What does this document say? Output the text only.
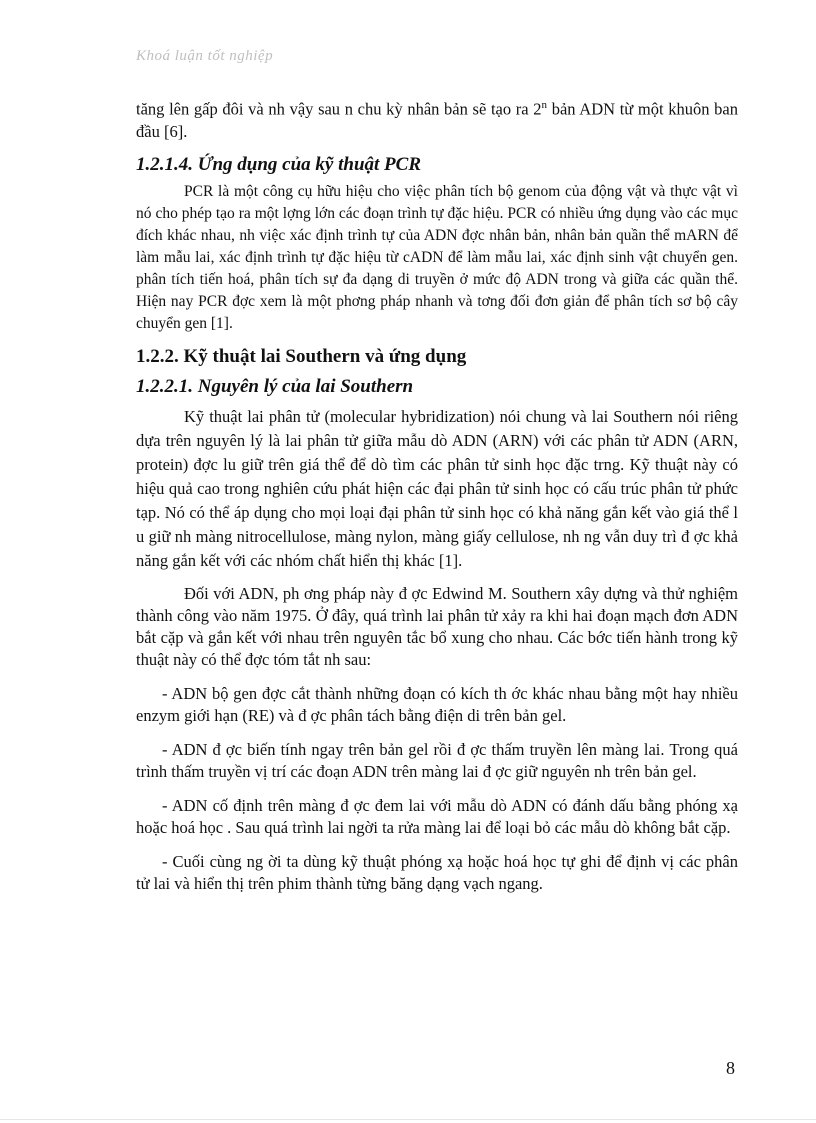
Khoá luận tốt nghiệp

tăng lên gấp đôi và nh vậy sau n chu kỳ nhân bản sẽ tạo ra 2$^n$ bản ADN từ một khuôn ban đầu [6].

1.2.1.4. Ứng dụng của kỹ thuật PCR

PCR là một công cụ hữu hiệu cho việc phân tích bộ genom của động vật và thực vật vì nó cho phép tạo ra một lợng lớn các đoạn trình tự đặc hiệu. PCR có nhiều ứng dụng vào các mục đích khác nhau, nh việc xác định trình tự của ADN đợc nhân bản, nhân bản quần thể mARN để làm mẫu lai, xác định trình tự đặc hiệu từ cADN để làm mẫu lai, xác định sinh vật chuyển gen. phân tích tiến hoá, phân tích sự đa dạng di truyền ở mức độ ADN trong và giữa các quần thể. Hiện nay PCR đợc xem là một phơng pháp nhanh và tơng đối đơn giản để phân tích sơ bộ cây chuyển gen [1].

1.2.2. Kỹ thuật lai Southern và ứng dụng
1.2.2.1. Nguyên lý của lai Southern

Kỹ thuật lai phân tử (molecular hybridization) nói chung và lai Southern nói riêng dựa trên nguyên lý là lai phân tử giữa mẫu dò ADN (ARN) với các phân tử ADN (ARN, protein) đợc lu giữ trên giá thể để dò tìm các phân tử sinh học đặc trng. Kỹ thuật này có hiệu quả cao trong nghiên cứu phát hiện các đại phân tử sinh học có cấu trúc phân tử phức tạp. Nó có thể áp dụng cho mọi loại đại phân tử sinh học có khả năng gắn kết vào giá thể l u giữ nh màng nitrocellulose, màng nylon, màng giấy cellulose, nh ng vẫn duy trì đ ợc khả năng gắn kết với các nhóm chất hiển thị khác [1].

Đối với ADN, ph ơng pháp này đ ợc Edwind M. Southern xây dựng và thử nghiệm thành công vào năm 1975. Ở đây, quá trình lai phân tử xảy ra khi hai đoạn mạch đơn ADN bắt cặp và gắn kết với nhau trên nguyên tắc bổ xung cho nhau. Các bớc tiến hành trong kỹ thuật này có thể đợc tóm tắt nh sau:

- ADN bộ gen đợc cắt thành những đoạn có kích th ớc khác nhau bằng một hay nhiều enzym giới hạn (RE) và đ ợc phân tách bằng điện di trên bản gel.

- ADN đ ợc biến tính ngay trên bản gel rồi đ ợc thấm truyền lên màng lai. Trong quá trình thấm truyền vị trí các đoạn ADN trên màng lai đ ợc giữ nguyên nh trên bản gel.

- ADN cố định trên màng đ ợc đem lai với mẫu dò ADN có đánh dấu bằng phóng xạ hoặc hoá học . Sau quá trình lai ngời ta rửa màng lai để loại bỏ các mẫu dò không bắt cặp.

- Cuối cùng ng ời ta dùng kỹ thuật phóng xạ hoặc hoá học tự ghi để định vị các phân tử lai và hiển thị trên phim thành từng băng dạng vạch ngang.

8
